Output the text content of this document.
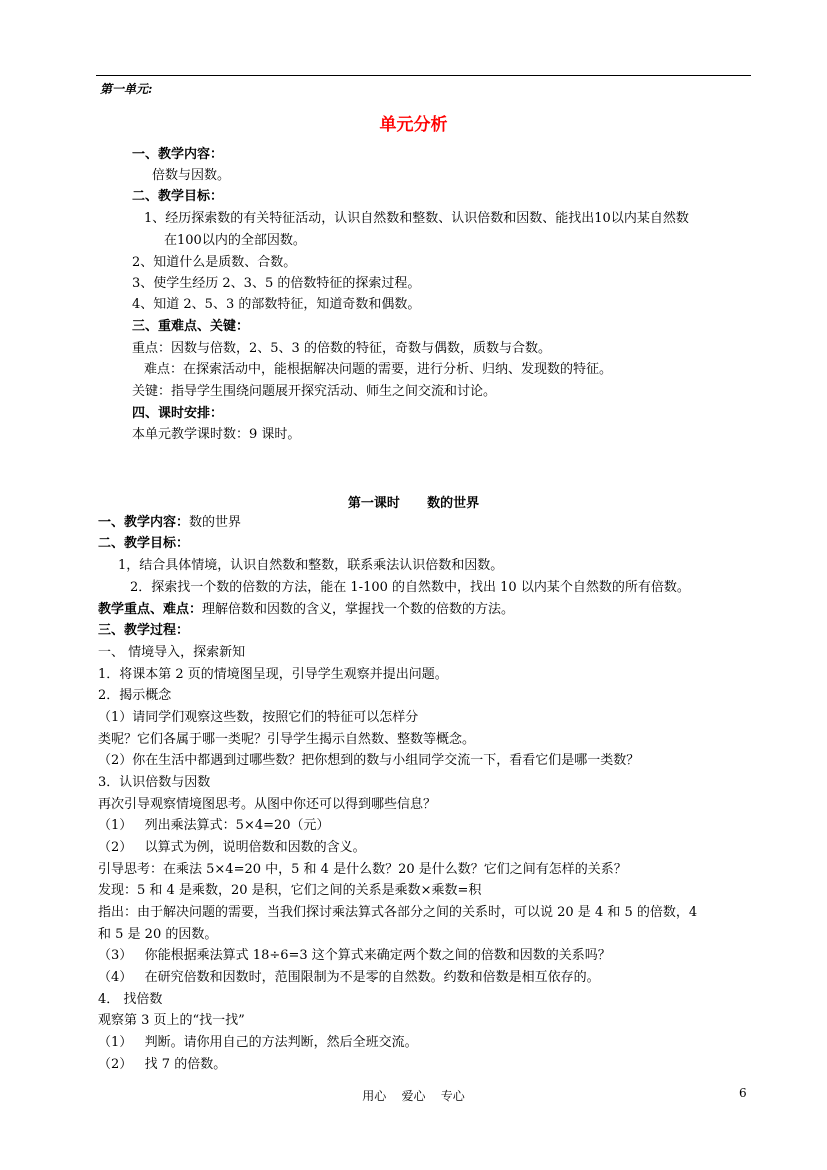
第一单元:
单元分析
一、教学内容：
倍数与因数。
二、教学目标：
1、经历探索数的有关特征活动，认识自然数和整数、认识倍数和因数、能找出10以内某自然数
在100以内的全部因数。
2、知道什么是质数、合数。
3、使学生经历 2、3、5 的倍数特征的探索过程。
4、知道 2、5、3 的部数特征，知道奇数和偶数。
三、重难点、关键：
重点：因数与倍数，2、5、3 的倍数的特征，奇数与偶数，质数与合数。
难点：在探索活动中，能根据解决问题的需要，进行分析、归纳、发现数的特征。
关键：指导学生围绕问题展开探究活动、师生之间交流和讨论。
四、课时安排：
本单元教学课时数：9 课时。
第一课时      数的世界
一、教学内容：数的世界
二、教学目标：
1，结合具体情境，认识自然数和整数，联系乘法认识倍数和因数。
2．探索找一个数的倍数的方法，能在 1-100 的自然数中，找出 10 以内某个自然数的所有倍数。
教学重点、难点：理解倍数和因数的含义，掌握找一个数的倍数的方法。
三、教学过程：
一、 情境导入，探索新知
1．将课本第 2 页的情境图呈现，引导学生观察并提出问题。
2．揭示概念
（1）请同学们观察这些数，按照它们的特征可以怎样分
类呢？它们各属于哪一类呢？引导学生揭示自然数、整数等概念。
（2）你在生活中都遇到过哪些数？把你想到的数与小组同学交流一下，看看它们是哪一类数？
3．认识倍数与因数
再次引导观察情境图思考。从图中你还可以得到哪些信息？
（1）   列出乘法算式：5×4=20（元）
（2）   以算式为例，说明倍数和因数的含义。
引导思考：在乘法 5×4=20 中，5 和 4 是什么数？20 是什么数？它们之间有怎样的关系？
发现：5 和 4 是乘数，20 是积，它们之间的关系是乘数×乘数=积
指出：由于解决问题的需要，当我们探讨乘法算式各部分之间的关系时，可以说 20 是 4 和 5 的倍数，4
和 5 是 20 的因数。
（3）   你能根据乘法算式 18÷6=3 这个算式来确定两个数之间的倍数和因数的关系吗？
（4）   在研究倍数和因数时，范围限制为不是零的自然数。约数和倍数是相互依存的。
4． 找倍数
观察第 3 页上的“找一找”
（1）   判断。请你用自己的方法判断，然后全班交流。
（2）   找 7 的倍数。
用心    爱心    专心	6
